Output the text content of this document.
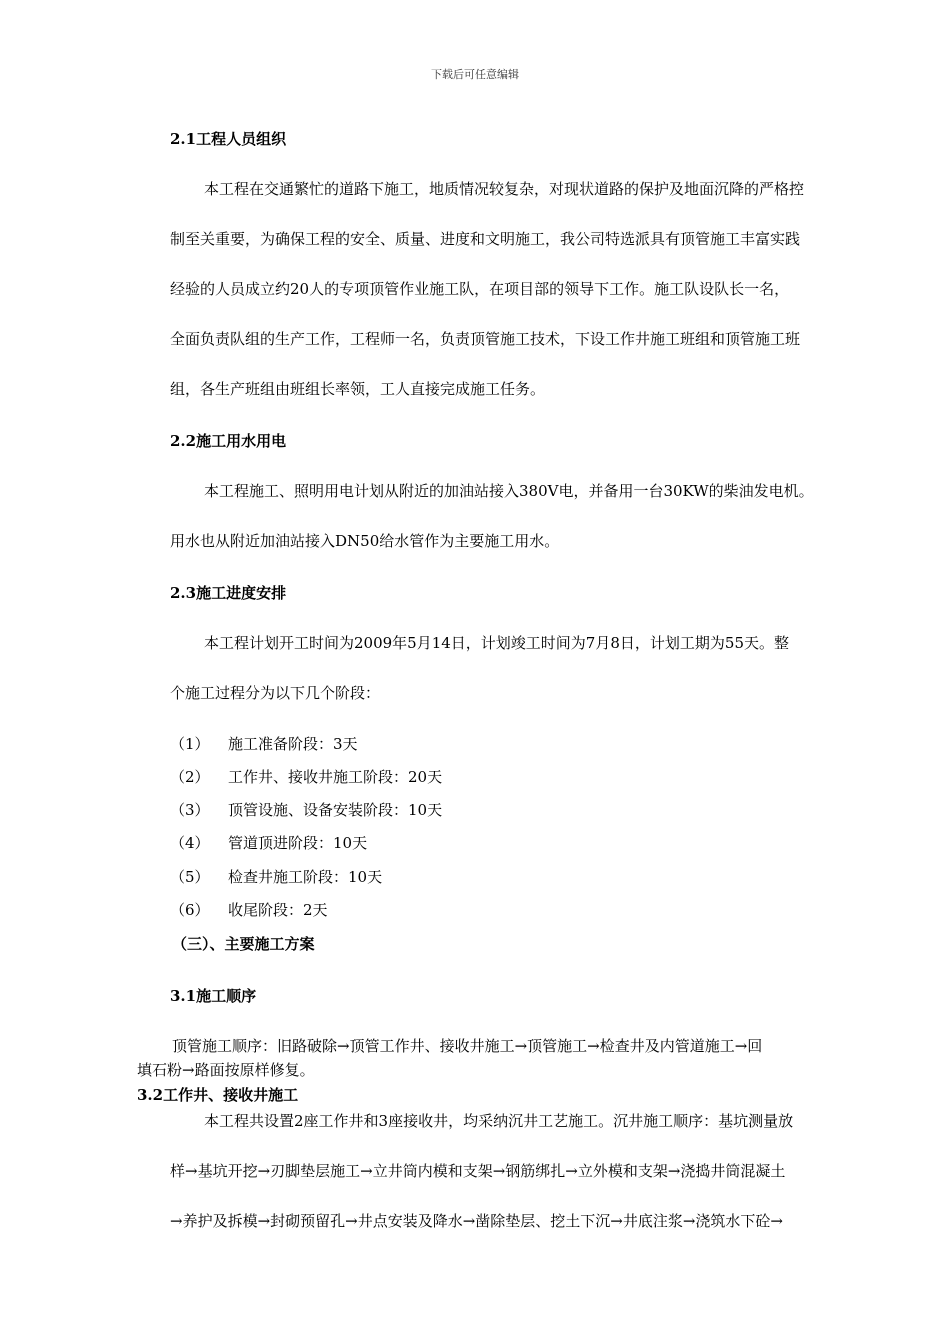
下载后可任意编辑
2.1工程人员组织
本工程在交通繁忙的道路下施工，地质情况较复杂，对现状道路的保护及地面沉降的严格控
制至关重要，为确保工程的安全、质量、进度和文明施工，我公司特选派具有顶管施工丰富实践
经验的人员成立约20人的专项顶管作业施工队，在项目部的领导下工作。施工队设队长一名，
全面负责队组的生产工作，工程师一名，负责顶管施工技术，下设工作井施工班组和顶管施工班
组，各生产班组由班组长率领，工人直接完成施工任务。
2.2施工用水用电
本工程施工、照明用电计划从附近的加油站接入380V电，并备用一台30KW的柴油发电机。
用水也从附近加油站接入DN50给水管作为主要施工用水。
2.3施工进度安排
本工程计划开工时间为2009年5月14日，计划竣工时间为7月8日，计划工期为55天。整
个施工过程分为以下几个阶段：
（1） 施工准备阶段：3天
（2） 工作井、接收井施工阶段：20天
（3） 顶管设施、设备安装阶段：10天
（4） 管道顶进阶段：10天
（5） 检查井施工阶段：10天
（6） 收尾阶段：2天
（三）、主要施工方案
3.1施工顺序
顶管施工顺序：旧路破除→顶管工作井、接收井施工→顶管施工→检查井及内管道施工→回
填石粉→路面按原样修复。
3.2工作井、接收井施工
本工程共设置2座工作井和3座接收井，均采纳沉井工艺施工。沉井施工顺序：基坑测量放
样→基坑开挖→刃脚垫层施工→立井筒内模和支架→钢筋绑扎→立外模和支架→浇捣井筒混凝土
→养护及拆模→封砌预留孔→井点安装及降水→凿除垫层、挖土下沉→井底注浆→浇筑水下砼→
